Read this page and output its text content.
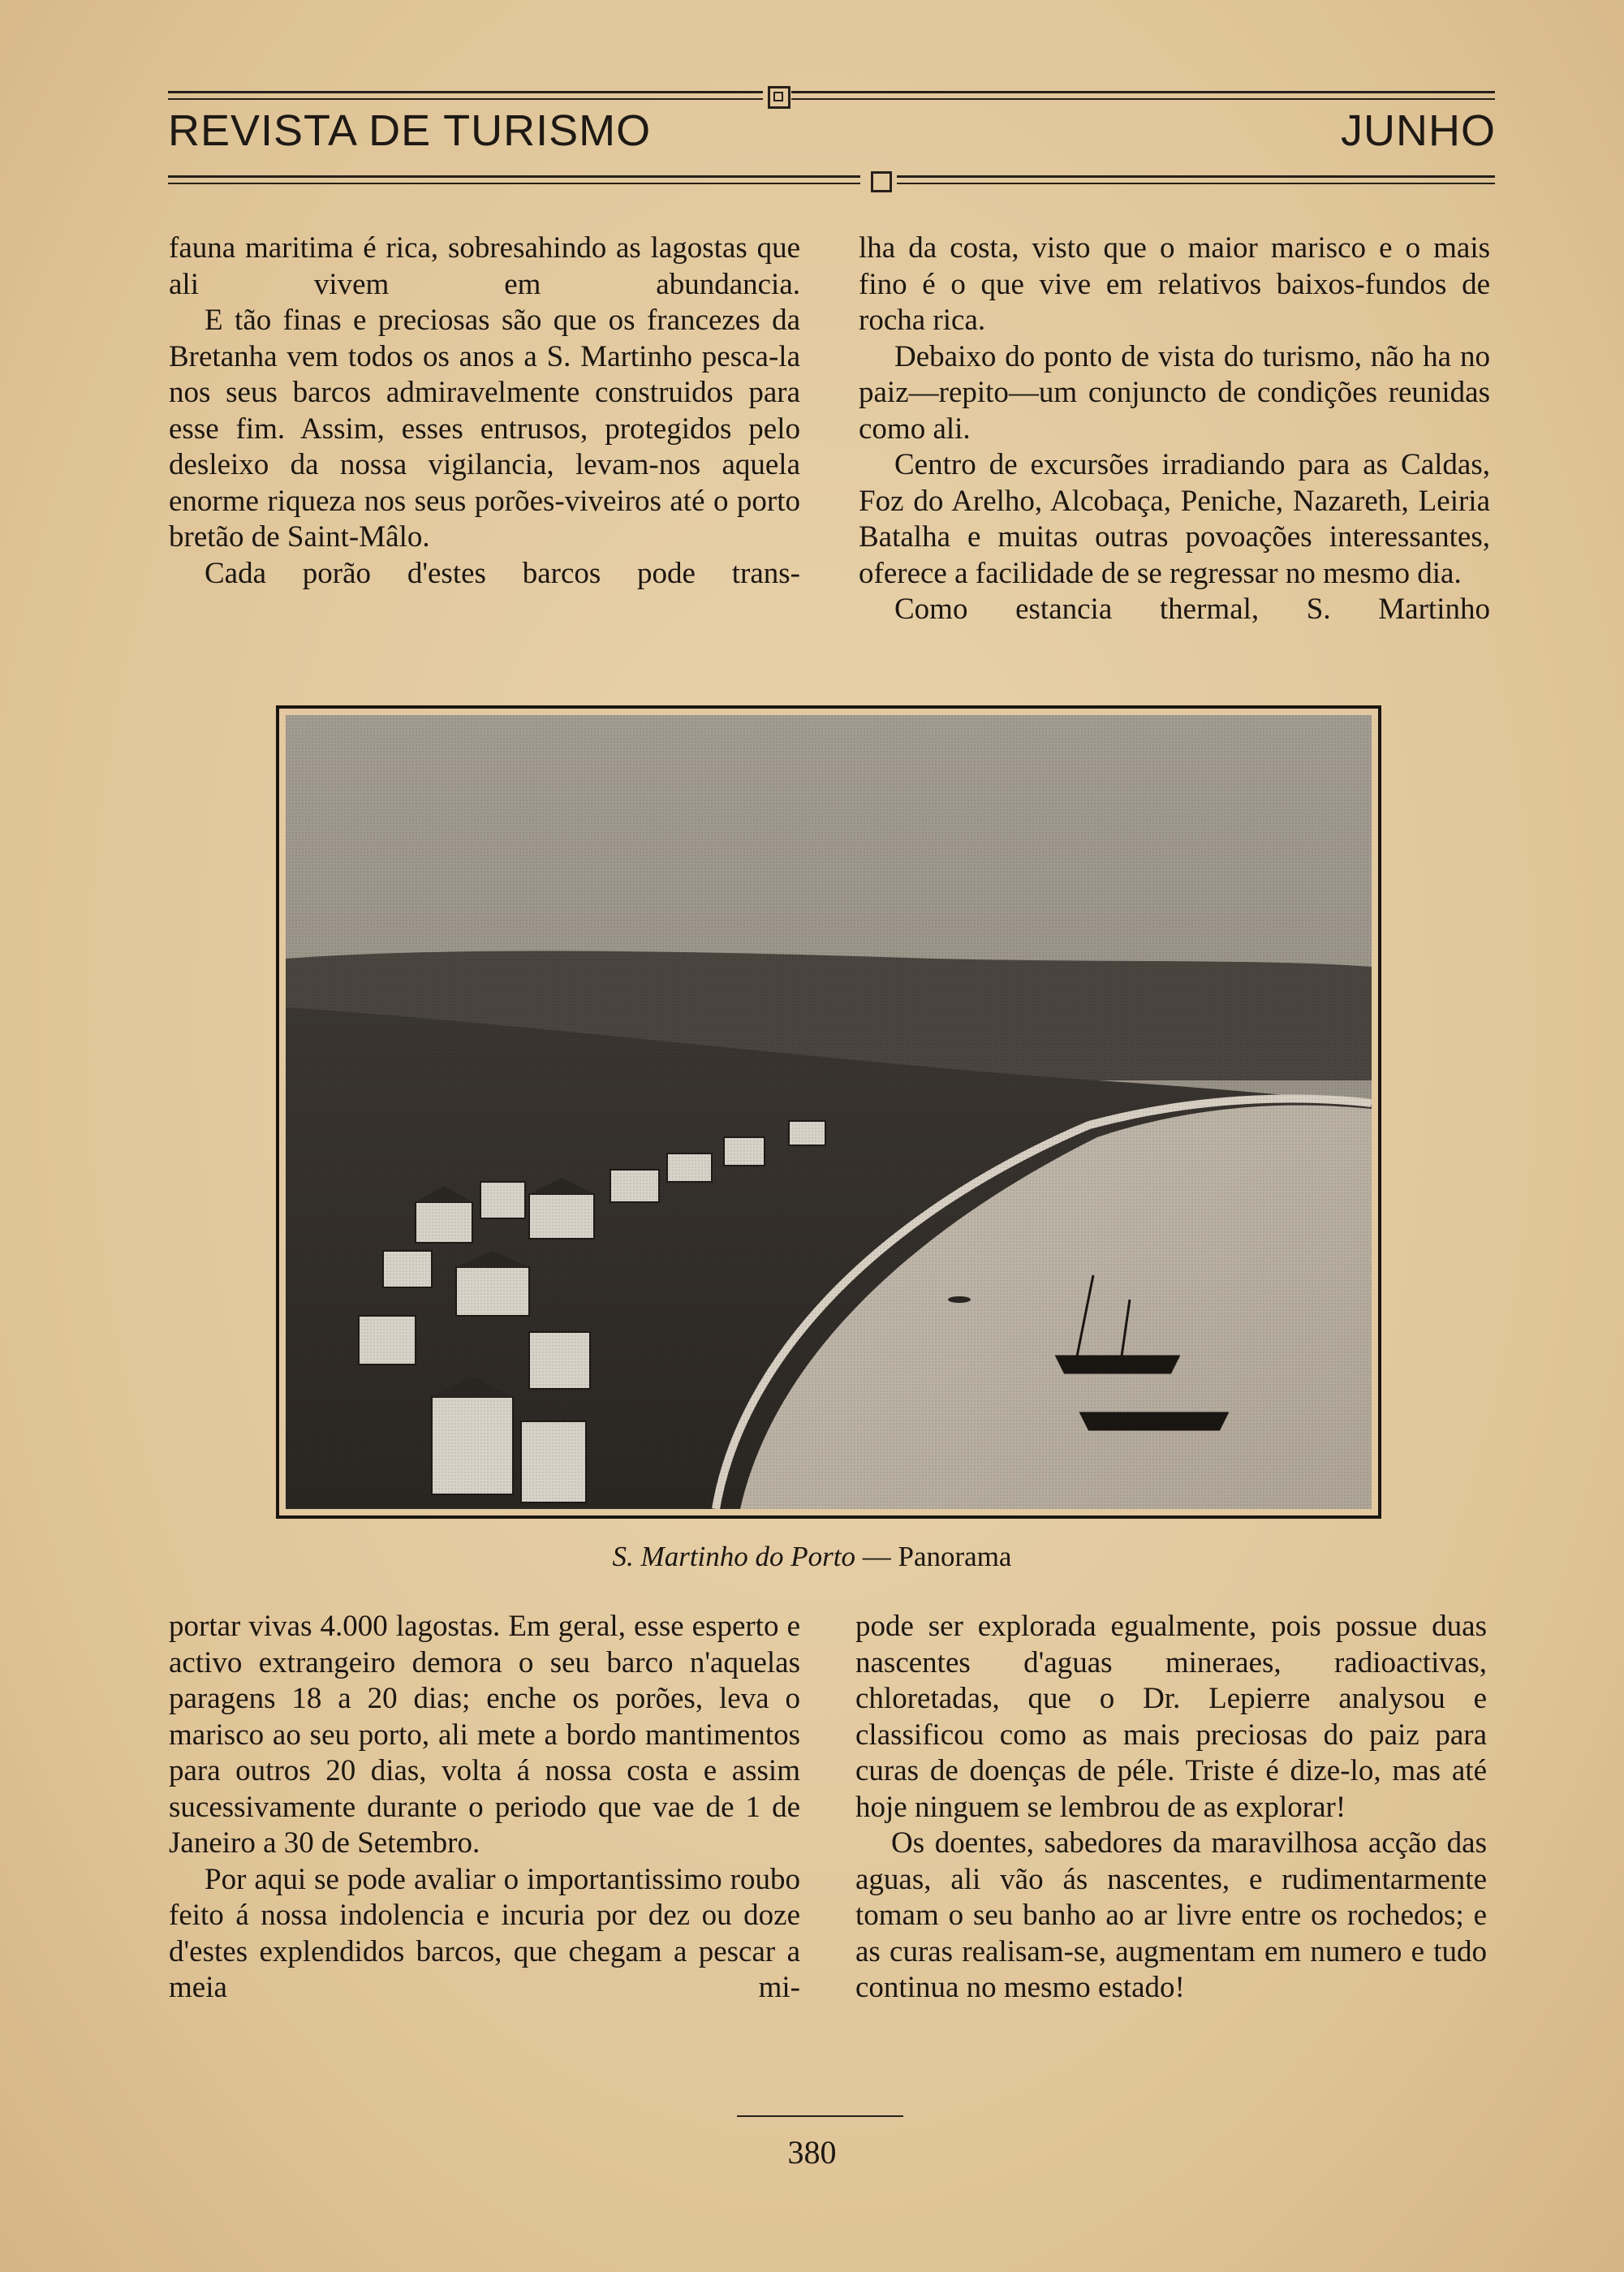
REVISTA DE TURISMO	JUNHO

fauna maritima é rica, sobresahindo as lagostas que ali vivem em abundancia.

E tão finas e preciosas são que os francezes da Bretanha vem todos os anos a S. Martinho pesca-la nos seus barcos admiravelmente construidos para esse fim. Assim, esses entrusos, protegidos pelo desleixo da nossa vigilancia, levam-nos aquela enorme riqueza nos seus porões-viveiros até o porto bretão de Saint-Mâlo.

Cada porão d'estes barcos pode trans-

lha da costa, visto que o maior marisco e o mais fino é o que vive em relativos baixos-fundos de rocha rica.

Debaixo do ponto de vista do turismo, não ha no paiz—repito—um conjuncto de condições reunidas como ali.

Centro de excursões irradiando para as Caldas, Foz do Arelho, Alcobaça, Peniche, Nazareth, Leiria Batalha e muitas outras povoações interessantes, oferece a facilidade de se regressar no mesmo dia.

Como estancia thermal, S. Martinho

S. Martinho do Porto — Panorama

portar vivas 4.000 lagostas. Em geral, esse esperto e activo extrangeiro demora o seu barco n'aquelas paragens 18 a 20 dias; enche os porões, leva o marisco ao seu porto, ali mete a bordo mantimentos para outros 20 dias, volta á nossa costa e assim sucessivamente durante o periodo que vae de 1 de Janeiro a 30 de Setembro.

Por aqui se pode avaliar o importantissimo roubo feito á nossa indolencia e incuria por dez ou doze d'estes explendidos barcos, que chegam a pescar a meia mi-

pode ser explorada egualmente, pois possue duas nascentes d'aguas mineraes, radioactivas, chloretadas, que o Dr. Lepierre analysou e classificou como as mais preciosas do paiz para curas de doenças de péle. Triste é dize-lo, mas até hoje ninguem se lembrou de as explorar!

Os doentes, sabedores da maravilhosa acção das aguas, ali vão ás nascentes, e rudimentarmente tomam o seu banho ao ar livre entre os rochedos; e as curas realisam-se, augmentam em numero e tudo continua no mesmo estado!

380
